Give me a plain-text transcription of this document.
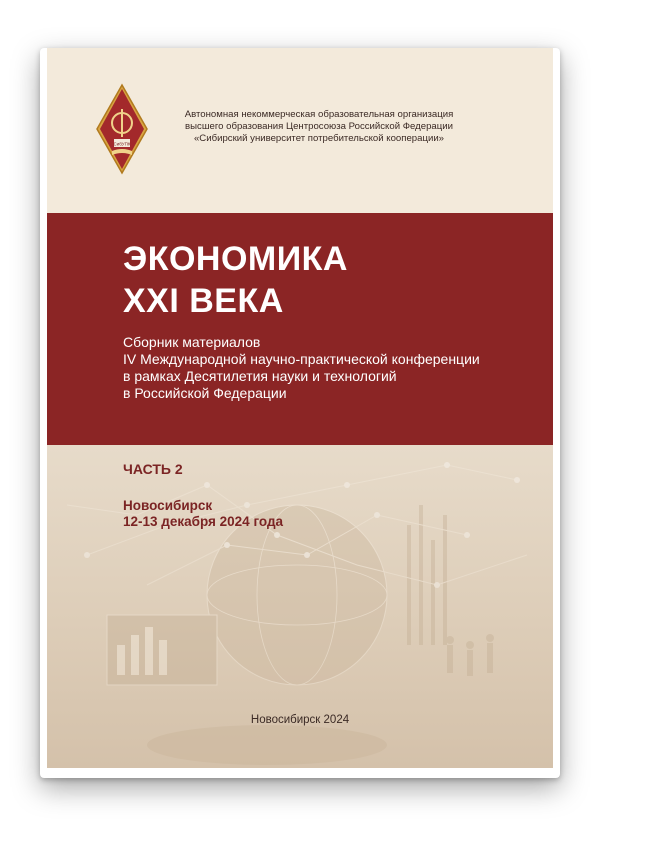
СибУПК
Автономная некоммерческая образовательная организация
высшего образования Центросоюза Российской Федерации
«Сибирский университет потребительской кооперации»
ЭКОНОМИКА
XXI ВЕКА
Сборник материалов
IV Международной научно-практической конференции
в рамках Десятилетия науки и технологий
в Российской Федерации
ЧАСТЬ 2
Новосибирск
12-13 декабря 2024 года
Новосибирск 2024
